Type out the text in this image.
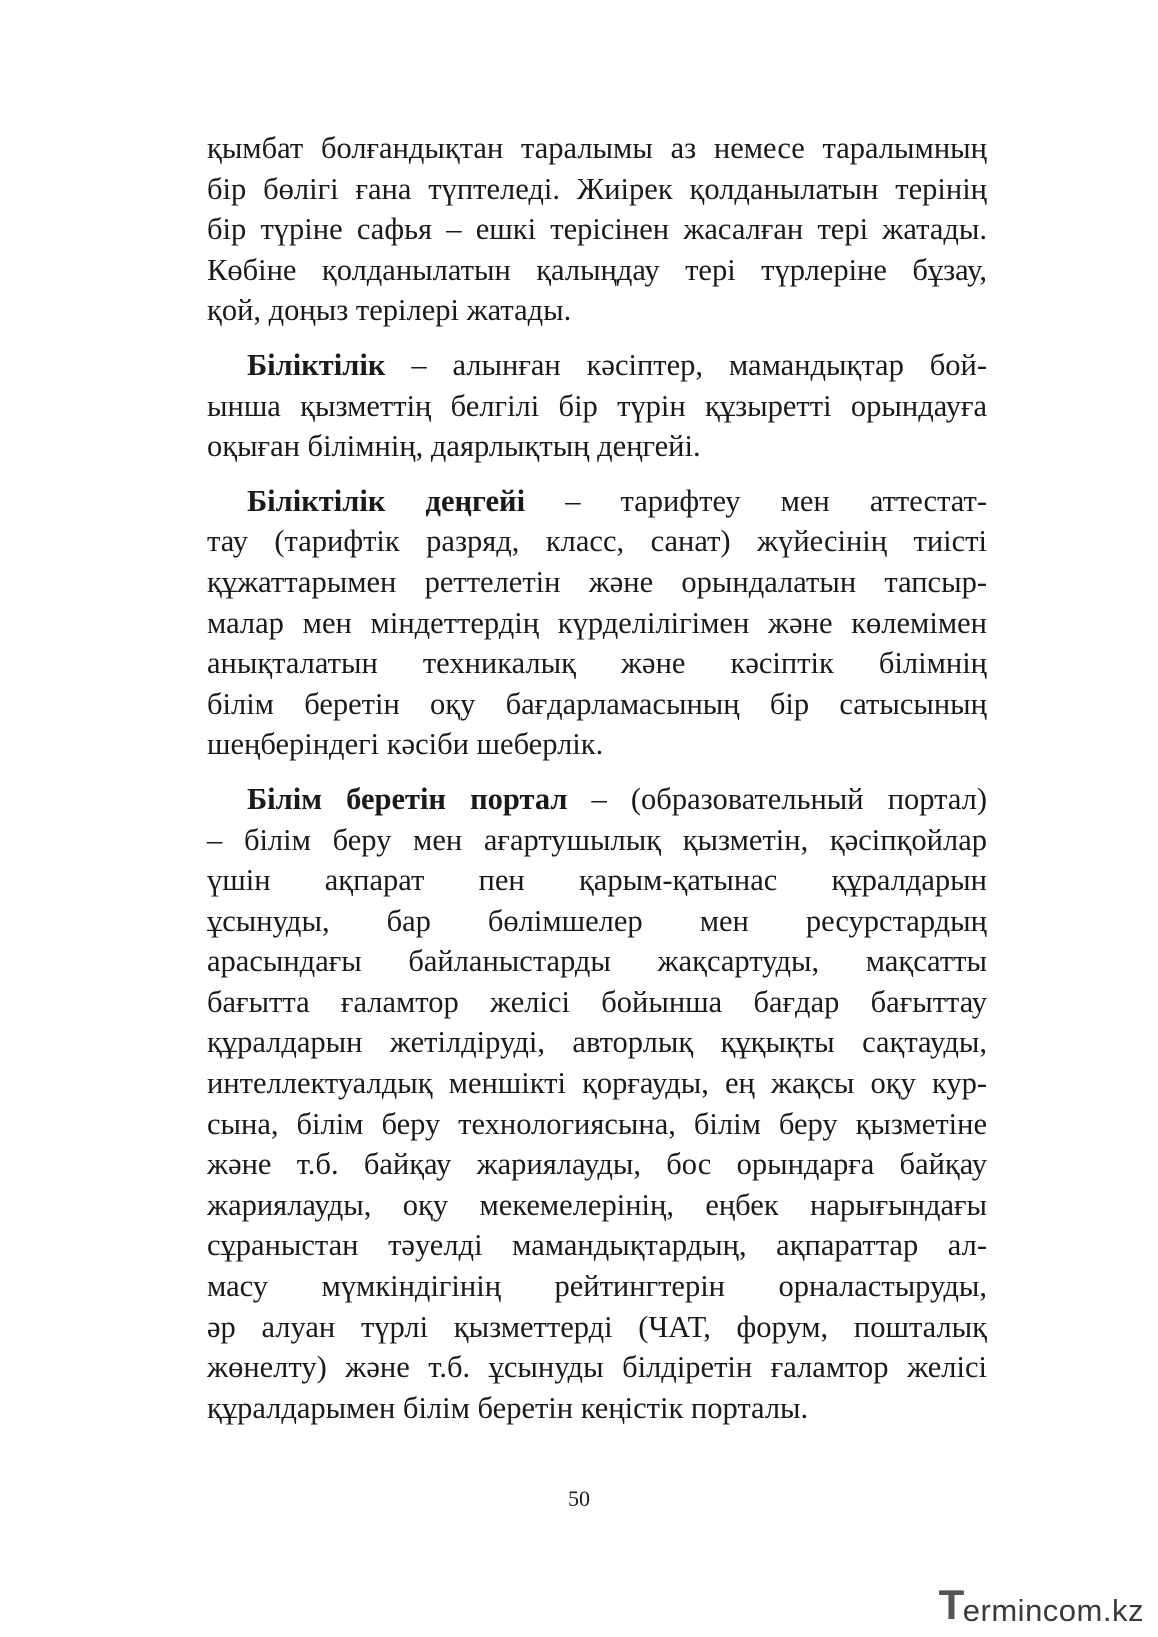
қымбат болғандықтан таралымы аз немесе таралымның
бір бөлігі ғана түптеледі. Жиірек қолданылатын терінің
бір түріне сафья – ешкі терісінен жасалған тері жатады.
Көбіне қолданылатын қалыңдау тері түрлеріне бұзау,
қой, доңыз терілері жатады.
Біліктілік – алынған кәсіптер, мамандықтар бой-
ынша қызметтің белгілі бір түрін құзыретті орындауға
оқыған білімнің, даярлықтың деңгейі.
Біліктілік деңгейі – тарифтеу мен аттестат-
тау (тарифтік разряд, класс, санат) жүйесінің тиісті
құжаттарымен реттелетін және орындалатын тапсыр-
малар мен міндеттердің күрделілігімен және көлемімен
анықталатын техникалық және кәсіптік білімнің
білім беретін оқу бағдарламасының бір сатысының
шеңберіндегі кәсіби шеберлік.
Білім беретін портал – (образовательный портал)
– білім беру мен ағартушылық қызметін, қәсіпқойлар
үшін ақпарат пен қарым-қатынас құралдарын
ұсынуды, бар бөлімшелер мен ресурстардың
арасындағы байланыстарды жақсартуды, мақсатты
бағытта ғаламтор желісі бойынша бағдар бағыттау
құралдарын жетілдіруді, авторлық құқықты сақтауды,
интеллектуалдық меншікті қорғауды, ең жақсы оқу кур-
сына, білім беру технологиясына, білім беру қызметіне
және т.б. байқау жариялауды, бос орындарға байқау
жариялауды, оқу мекемелерінің, еңбек нарығындағы
сұраныстан тәуелді мамандықтардың, ақпараттар ал-
масу мүмкіндігінің рейтингтерін орналастыруды,
әр алуан түрлі қызметтерді (ЧАТ, форум, пошталық
жөнелту) және т.б. ұсынуды білдіретін ғаламтор желісі
құралдарымен білім беретін кеңістік порталы.
50
T
ermincom.kz
